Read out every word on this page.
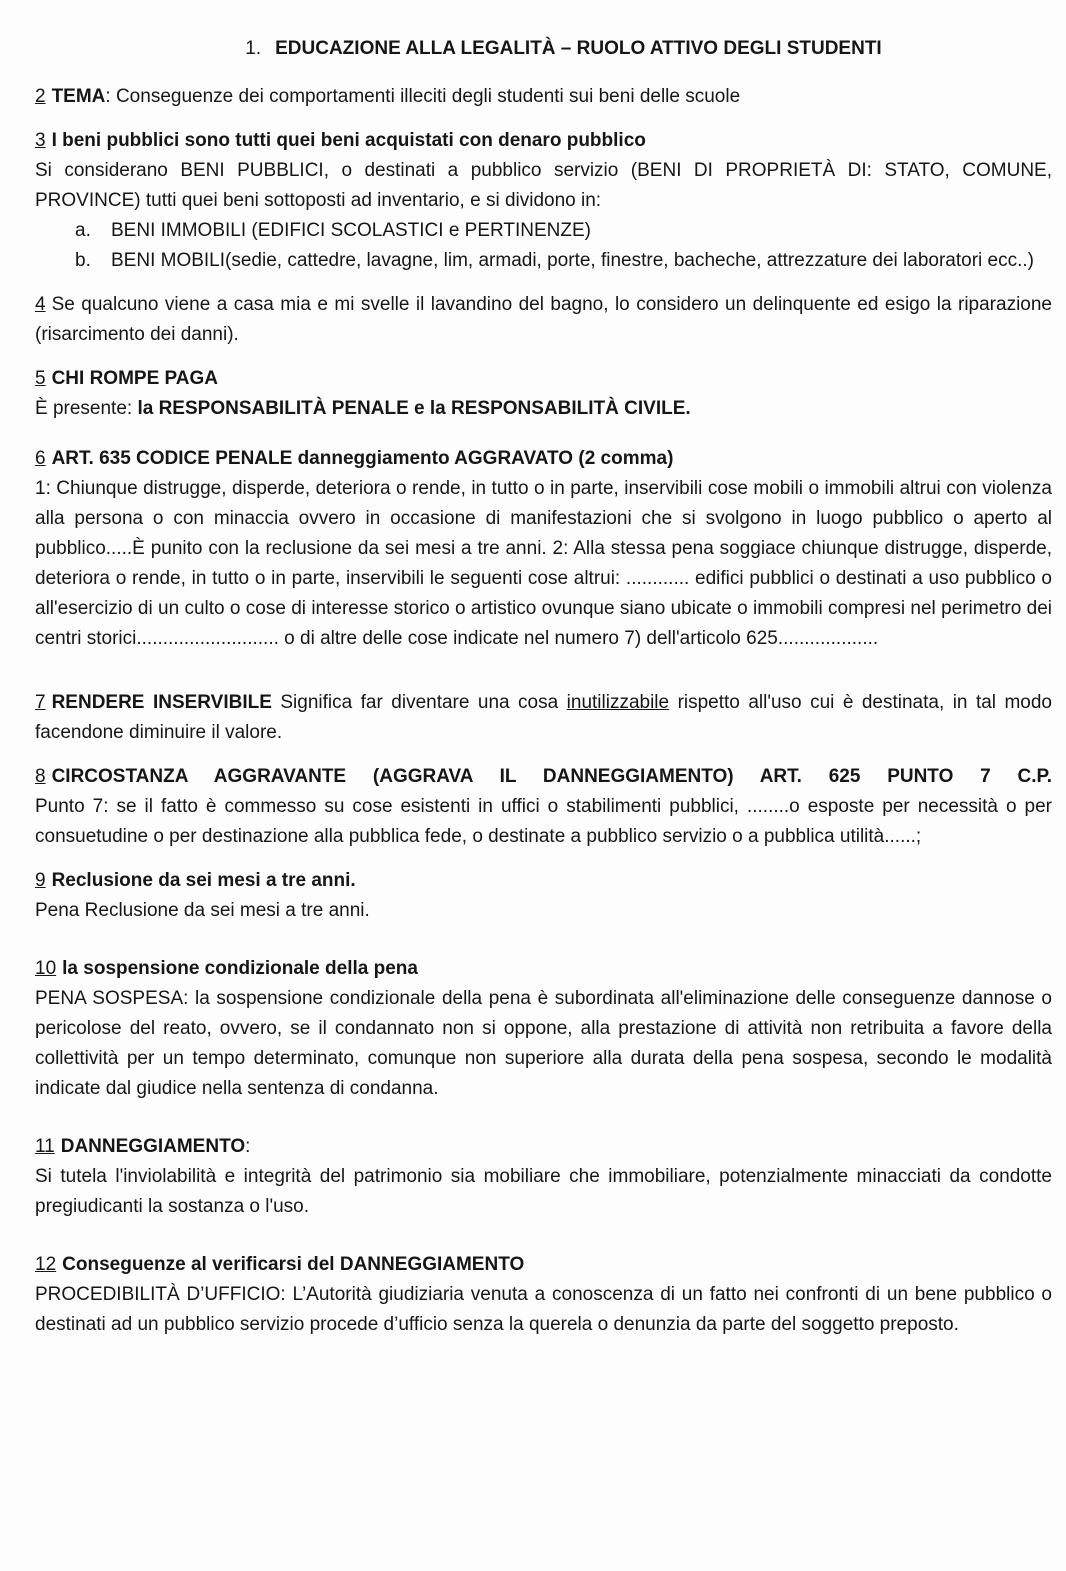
1. EDUCAZIONE ALLA LEGALITÀ – RUOLO ATTIVO DEGLI STUDENTI

2 TEMA: Conseguenze dei comportamenti illeciti degli studenti sui beni delle scuole

3 I beni pubblici sono tutti quei beni acquistati con denaro pubblico

Si considerano BENI PUBBLICI, o destinati a pubblico servizio (BENI DI PROPRIETÀ DI: STATO, COMUNE, PROVINCE) tutti quei beni sottoposti ad inventario, e si dividono in:

a.	BENI IMMOBILI (EDIFICI SCOLASTICI e PERTINENZE)
b.	BENI MOBILI(sedie, cattedre, lavagne, lim, armadi, porte, finestre, bacheche, attrezzature dei laboratori ecc..)

4 Se qualcuno viene a casa mia e mi svelle il lavandino del bagno, lo considero un delinquente ed esigo la riparazione (risarcimento dei danni).

5 CHI ROMPE PAGA

È presente: la RESPONSABILITÀ PENALE e la RESPONSABILITÀ CIVILE.

6 ART. 635 CODICE PENALE danneggiamento AGGRAVATO (2 comma)

1: Chiunque distrugge, disperde, deteriora o rende, in tutto o in parte, inservibili cose mobili o immobili altrui con violenza alla persona o con minaccia ovvero in occasione di manifestazioni che si svolgono in luogo pubblico o aperto al pubblico.....È punito con la reclusione da sei mesi a tre anni. 2: Alla stessa pena soggiace chiunque distrugge, disperde, deteriora o rende, in tutto o in parte, inservibili le seguenti cose altrui: ............ edifici pubblici o destinati a uso pubblico o all'esercizio di un culto o cose di interesse storico o artistico ovunque siano ubicate o immobili compresi nel perimetro dei centri storici........................... o di altre delle cose indicate nel numero 7) dell'articolo 625...................

7 RENDERE INSERVIBILE Significa far diventare una cosa inutilizzabile rispetto all'uso cui è destinata, in tal modo facendone diminuire il valore.

8 CIRCOSTANZA AGGRAVANTE (AGGRAVA IL DANNEGGIAMENTO) ART. 625 PUNTO 7 C.P.

Punto 7: se il fatto è commesso su cose esistenti in uffici o stabilimenti pubblici, ........o esposte per necessità o per consuetudine o per destinazione alla pubblica fede, o destinate a pubblico servizio o a pubblica utilità......;

9 Reclusione da sei mesi a tre anni.

Pena Reclusione da sei mesi a tre anni.

10 la sospensione condizionale della pena

PENA SOSPESA: la sospensione condizionale della pena è subordinata all'eliminazione delle conseguenze dannose o pericolose del reato, ovvero, se il condannato non si oppone, alla prestazione di attività non retribuita a favore della collettività per un tempo determinato, comunque non superiore alla durata della pena sospesa, secondo le modalità indicate dal giudice nella sentenza di condanna.

11 DANNEGGIAMENTO:

Si tutela l'inviolabilità e integrità del patrimonio sia mobiliare che immobiliare, potenzialmente minacciati da condotte pregiudicanti la sostanza o l'uso.

12 Conseguenze al verificarsi del DANNEGGIAMENTO

PROCEDIBILITÀ D’UFFICIO: L’Autorità giudiziaria venuta a conoscenza di un fatto nei confronti di un bene pubblico o destinati ad un pubblico servizio procede d’ufficio senza la querela o denunzia da parte del soggetto preposto.
